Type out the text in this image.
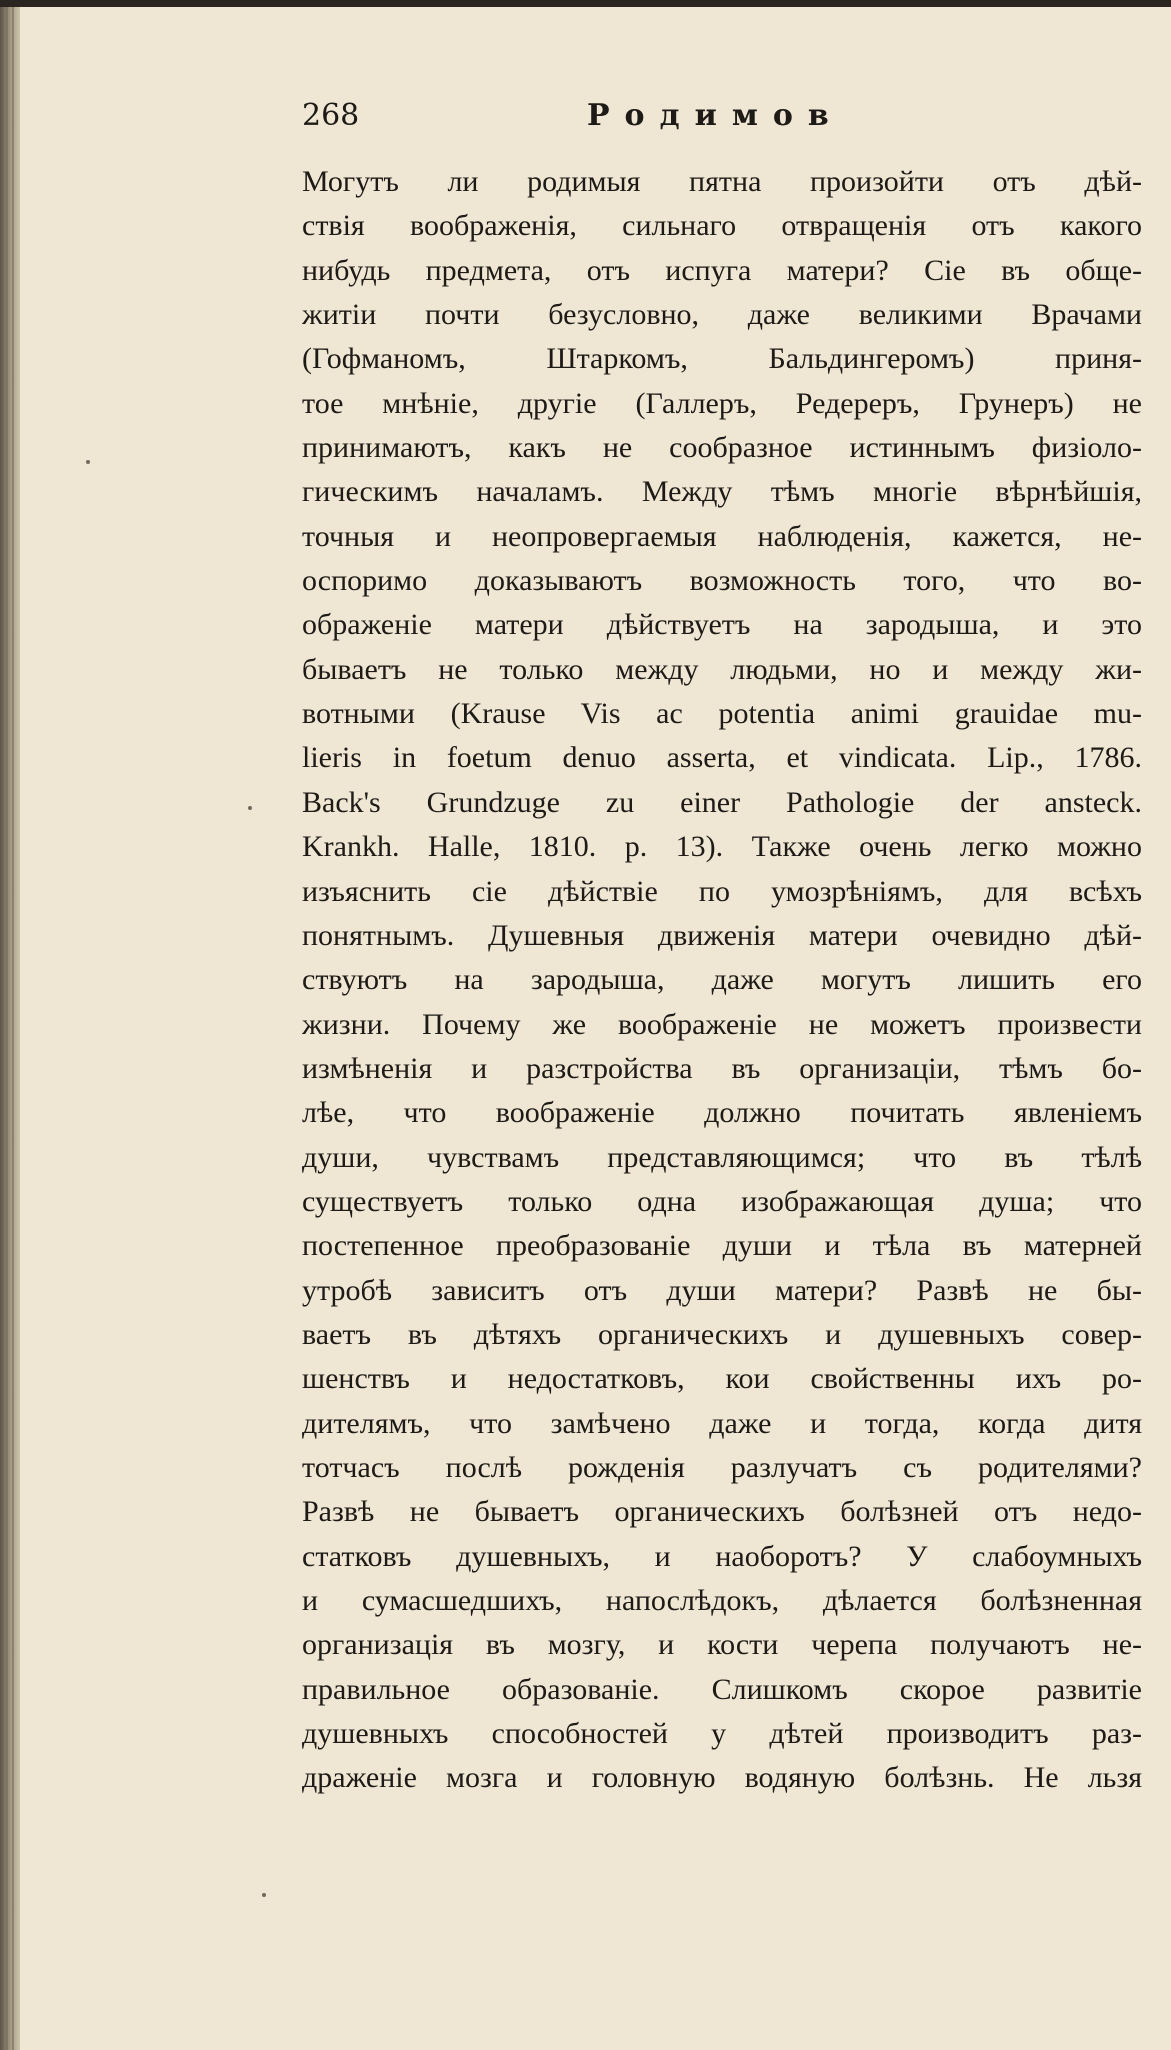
268	Родимов
Могутъ ли родимыя пятна произойти отъ дѣй-
ствія воображенія, сильнаго отвращенія отъ какого
нибудь предмета, отъ испуга матери? Сіе въ обще-
житіи почти безусловно, даже великими Врачами
(Гофманомъ, Штаркомъ, Бальдингеромъ) приня-
тое мнѣніе, другіе (Галлеръ, Редереръ, Грунеръ) не
принимаютъ, какъ не сообразное истиннымъ физіоло-
гическимъ началамъ. Между тѣмъ многіе вѣрнѣйшія,
точныя и неопровергаемыя наблюденія, кажется, не-
оспоримо доказываютъ возможность того, что во-
ображеніе матери дѣйствуетъ на зародыша, и это
бываетъ не только между людьми, но и между жи-
вотными (Krause Vis ac potentia animi grauidae mu-
lieris in foetum denuo asserta, et vindicata. Lip., 1786.
Back's Grundzuge zu einer Pathologie der ansteck.
Krankh. Halle, 1810. p. 13). Также очень легко можно
изъяснить сіе дѣйствіе по умозрѣніямъ, для всѣхъ
понятнымъ. Душевныя движенія матери очевидно дѣй-
ствуютъ на зародыша, даже могутъ лишить его
жизни. Почему же воображеніе не можетъ произвести
измѣненія и разстройства въ организаціи, тѣмъ бо-
лѣе, что воображеніе должно почитать явленіемъ
души, чувствамъ представляющимся; что въ тѣлѣ
существуетъ только одна изображающая душа; что
постепенное преобразованіе души и тѣла въ матерней
утробѣ зависитъ отъ души матери? Развѣ не бы-
ваетъ въ дѣтяхъ органическихъ и душевныхъ совер-
шенствъ и недостатковъ, кои свойственны ихъ ро-
дителямъ, что замѣчено даже и тогда, когда дитя
тотчасъ послѣ рожденія разлучатъ съ родителями?
Развѣ не бываетъ органическихъ болѣзней отъ недо-
статковъ душевныхъ, и наоборотъ? У слабоумныхъ
и сумасшедшихъ, напослѣдокъ, дѣлается болѣзненная
организація въ мозгу, и кости черепа получаютъ не-
правильное образованіе. Слишкомъ скорое развитіе
душевныхъ способностей у дѣтей производитъ раз-
драженіе мозга и головную водяную болѣзнь. Не льзя
